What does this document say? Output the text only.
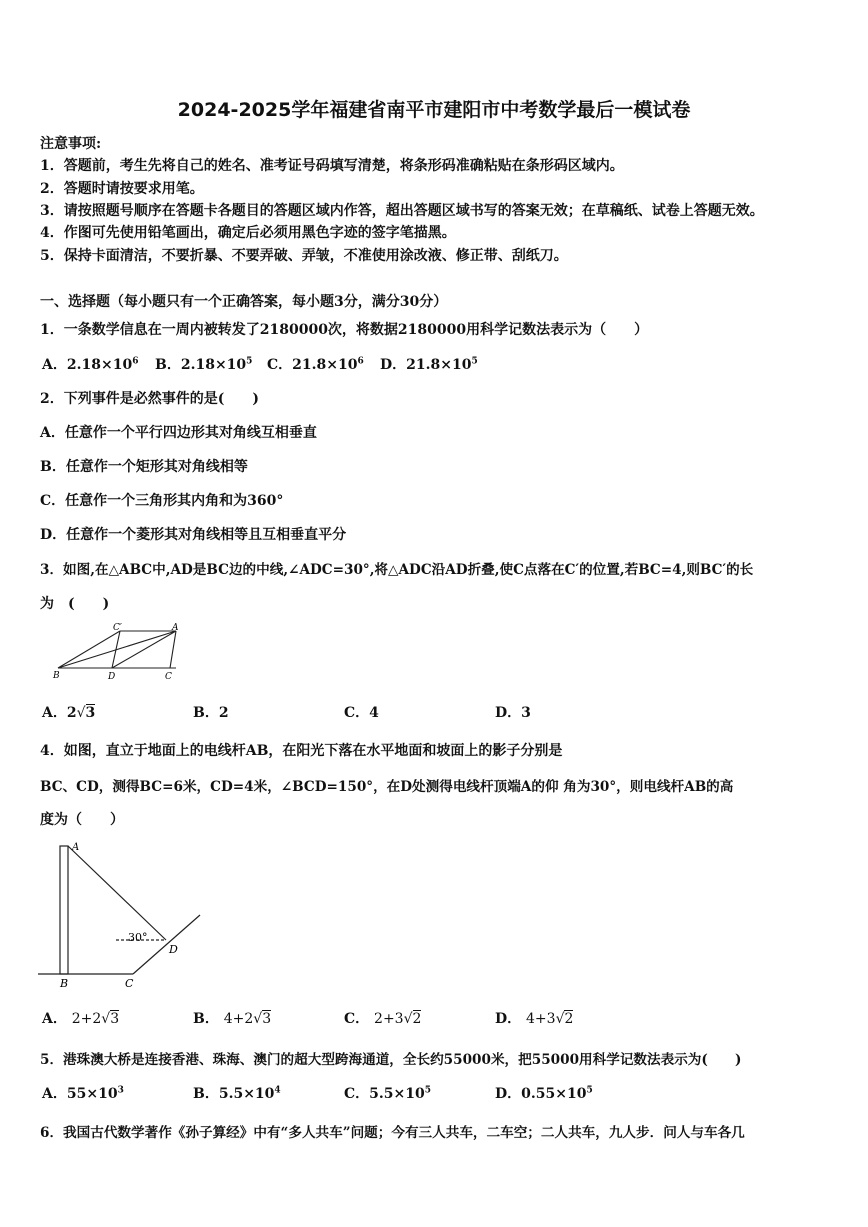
2024-2025学年福建省南平市建阳市中考数学最后一模试卷
注意事项:
1．答题前，考生先将自己的姓名、准考证号码填写清楚，将条形码准确粘贴在条形码区域内。
2．答题时请按要求用笔。
3．请按照题号顺序在答题卡各题目的答题区域内作答，超出答题区域书写的答案无效；在草稿纸、试卷上答题无效。
4．作图可先使用铅笔画出，确定后必须用黑色字迹的签字笔描黑。
5．保持卡面清洁，不要折暴、不要弄破、弄皱，不准使用涂改液、修正带、刮纸刀。
一、选择题（每小题只有一个正确答案，每小题3分，满分30分）
1．一条数学信息在一周内被转发了2180000次，将数据2180000用科学记数法表示为（　　）
A．$2.18\times 10^6$ B．$2.18\times 10^5$ C．$21.8\times 10^6$ D．$21.8\times 10^5$
2．下列事件是必然事件的是(　　)
A．任意作一个平行四边形其对角线互相垂直
B．任意作一个矩形其对角线相等
C．任意作一个三角形其内角和为360°
D．任意作一个菱形其对角线相等且互相垂直平分
3．如图,在△ABC中,AD是BC边的中线,∠ADC=30°,将△ADC沿AD折叠,使C点落在C′的位置,若BC=4,则BC′的长
为　(　　)
C′	A
B	D	C
A．2√3	B．2	C．4	D．3
4．如图，直立于地面上的电线杆AB，在阳光下落在水平地面和坡面上的影子分别是
BC、CD，测得BC=6米，CD=4米，∠BCD=150°，在D处测得电线杆顶端A的仰 角为30°，则电线杆AB的高
度为（　　）
A
30°
D
B	C
A． 2+2√3	B． 4+2√3	C． 2+3√2	D． 4+3√2
5．港珠澳大桥是连接香港、珠海、澳门的超大型跨海通道，全长约55000米，把55000用科学记数法表示为(　　)
A．$55\times 10^3$	B．$5.5\times 10^4$	C．$5.5\times 10^5$	D．$0.55\times 10^5$
6．我国古代数学著作《孙子算经》中有“多人共车”问题；今有三人共车，二车空；二人共车，九人步．问人与车各几
